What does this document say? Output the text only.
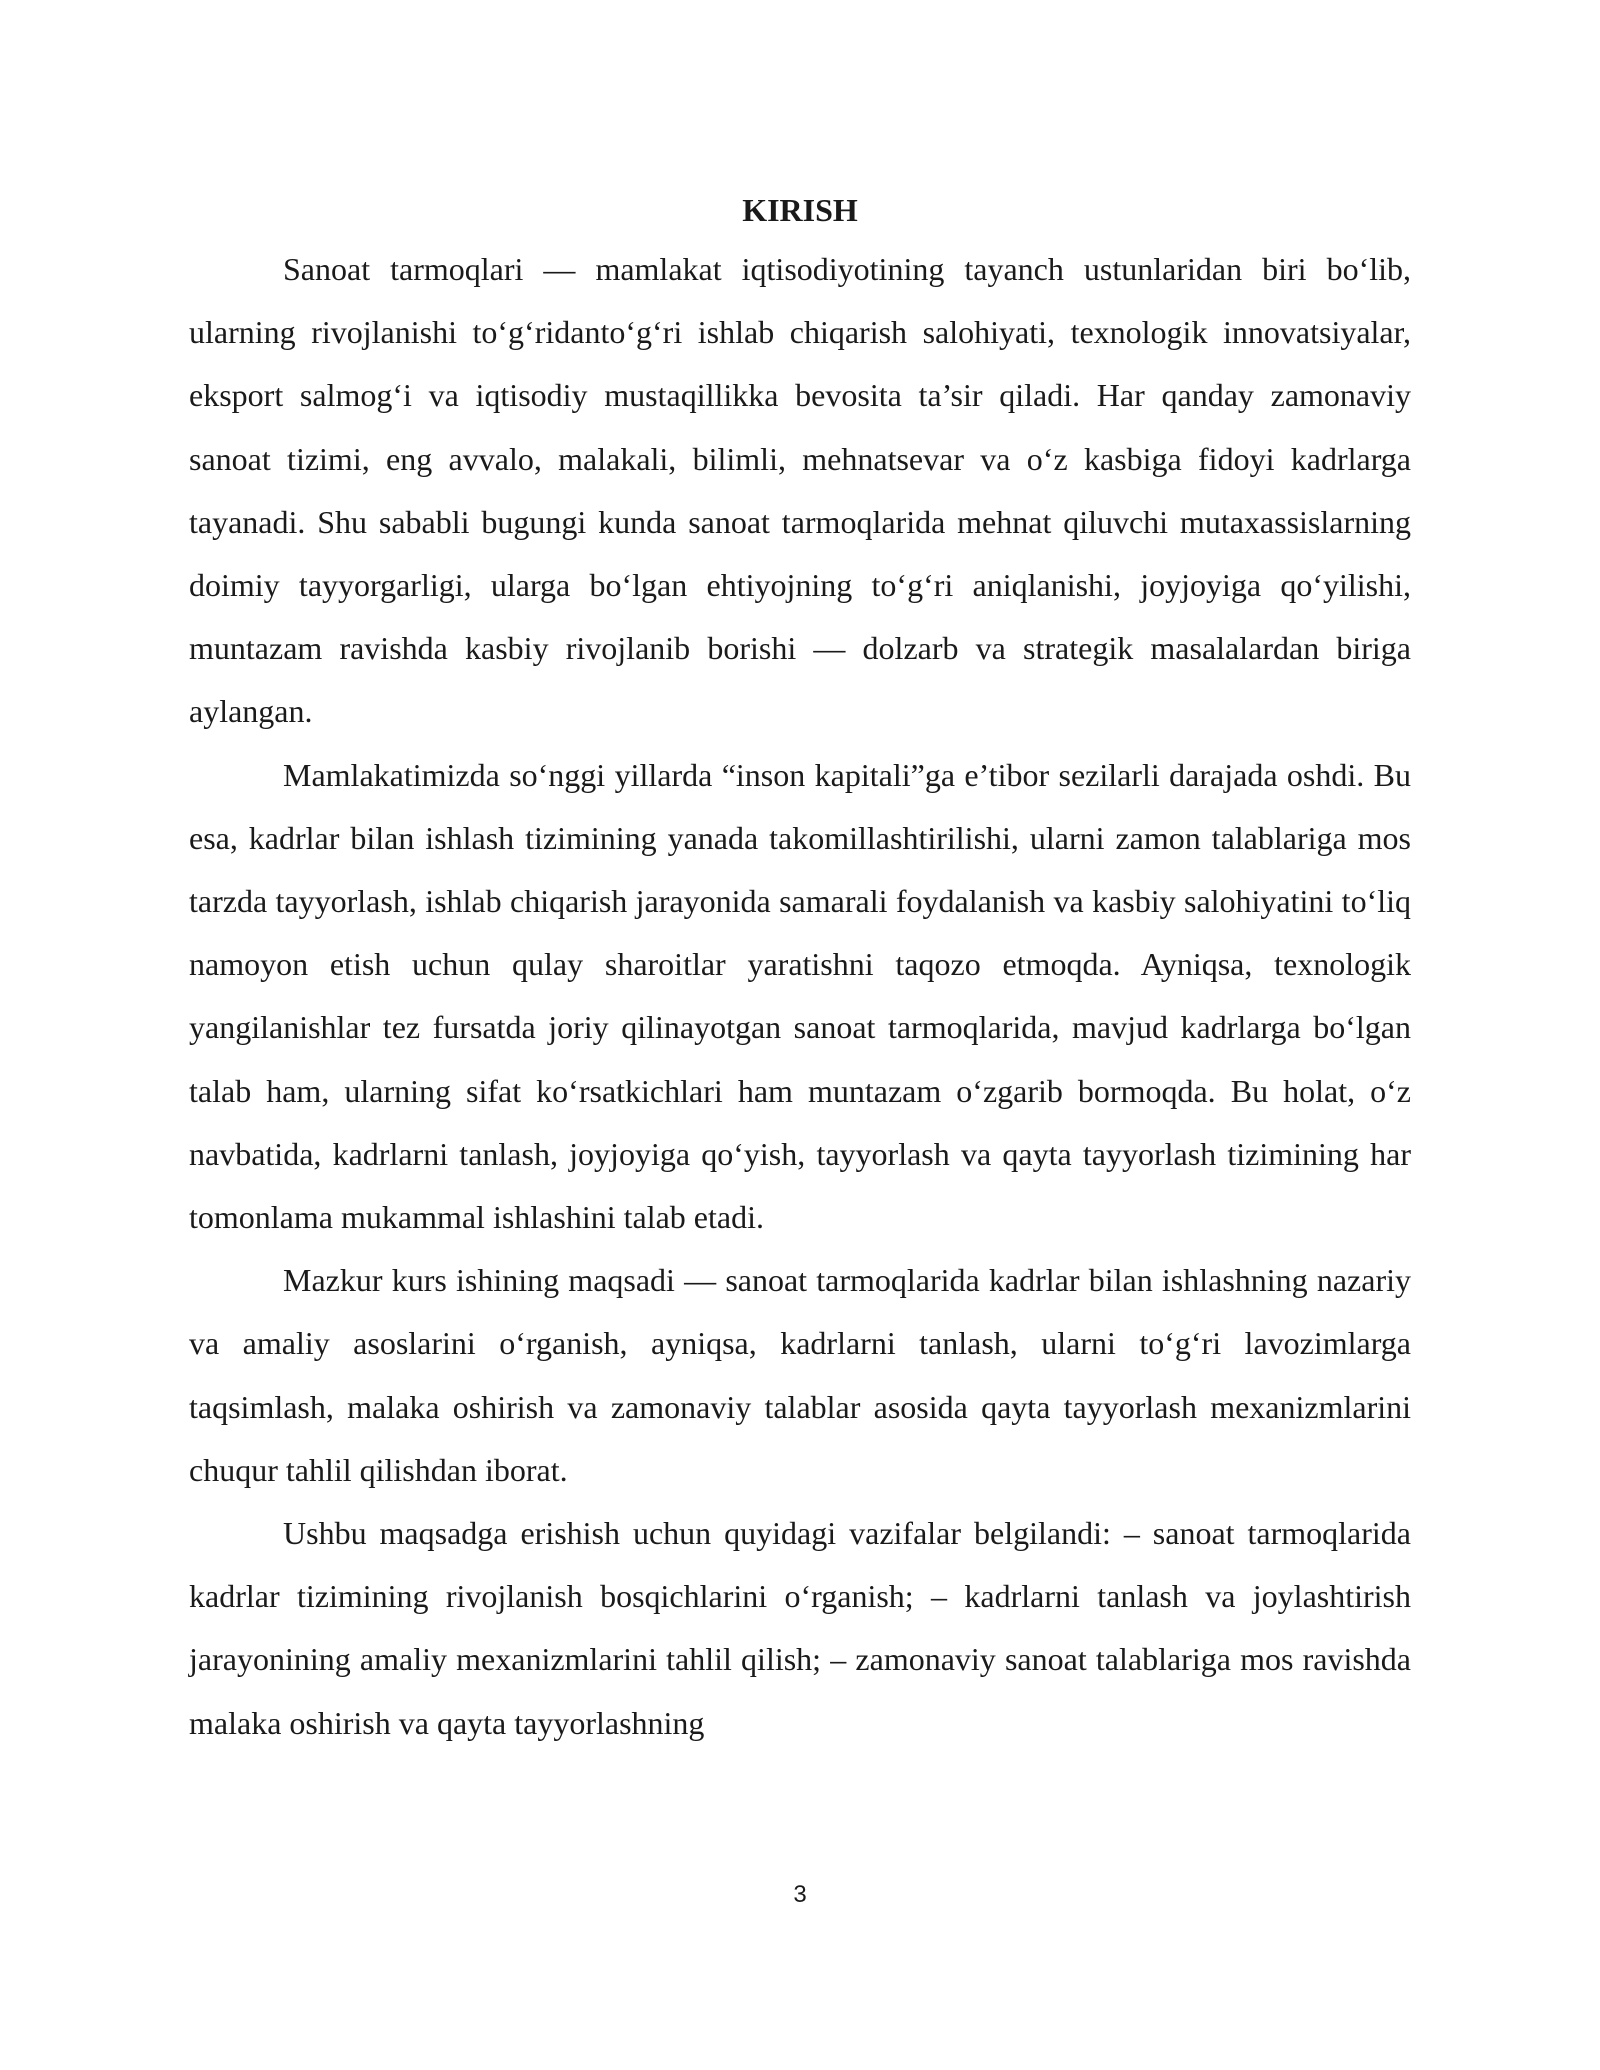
KIRISH

Sanoat tarmoqlari — mamlakat iqtisodiyotining tayanch ustunlaridan biri bo‘lib, ularning rivojlanishi to‘g‘ridanto‘g‘ri ishlab chiqarish salohiyati, texnologik innovatsiyalar, eksport salmog‘i va iqtisodiy mustaqillikka bevosita ta’sir qiladi. Har qanday zamonaviy sanoat tizimi, eng avvalo, malakali, bilimli, mehnatsevar va o‘z kasbiga fidoyi kadrlarga tayanadi. Shu sababli bugungi kunda sanoat tarmoqlarida mehnat qiluvchi mutaxassislarning doimiy tayyorgarligi, ularga bo‘lgan ehtiyojning to‘g‘ri aniqlanishi, joyjoyiga qo‘yilishi, muntazam ravishda kasbiy rivojlanib borishi — dolzarb va strategik masalalardan biriga aylangan.

Mamlakatimizda so‘nggi yillarda “inson kapitali”ga e’tibor sezilarli darajada oshdi. Bu esa, kadrlar bilan ishlash tizimining yanada takomillashtirilishi, ularni zamon talablariga mos tarzda tayyorlash, ishlab chiqarish jarayonida samarali foydalanish va kasbiy salohiyatini to‘liq namoyon etish uchun qulay sharoitlar yaratishni taqozo etmoqda. Ayniqsa, texnologik yangilanishlar tez fursatda joriy qilinayotgan sanoat tarmoqlarida, mavjud kadrlarga bo‘lgan talab ham, ularning sifat ko‘rsatkichlari ham muntazam o‘zgarib bormoqda. Bu holat, o‘z navbatida, kadrlarni tanlash, joyjoyiga qo‘yish, tayyorlash va qayta tayyorlash tizimining har tomonlama mukammal ishlashini talab etadi.

Mazkur kurs ishining maqsadi — sanoat tarmoqlarida kadrlar bilan ishlashning nazariy va amaliy asoslarini o‘rganish, ayniqsa, kadrlarni tanlash, ularni to‘g‘ri lavozimlarga taqsimlash, malaka oshirish va zamonaviy talablar asosida qayta tayyorlash mexanizmlarini chuqur tahlil qilishdan iborat.

Ushbu maqsadga erishish uchun quyidagi vazifalar belgilandi: – sanoat tarmoqlarida kadrlar tizimining rivojlanish bosqichlarini o‘rganish; – kadrlarni tanlash va joylashtirish jarayonining amaliy mexanizmlarini tahlil qilish; – zamonaviy sanoat talablariga mos ravishda malaka oshirish va qayta tayyorlashning

3
